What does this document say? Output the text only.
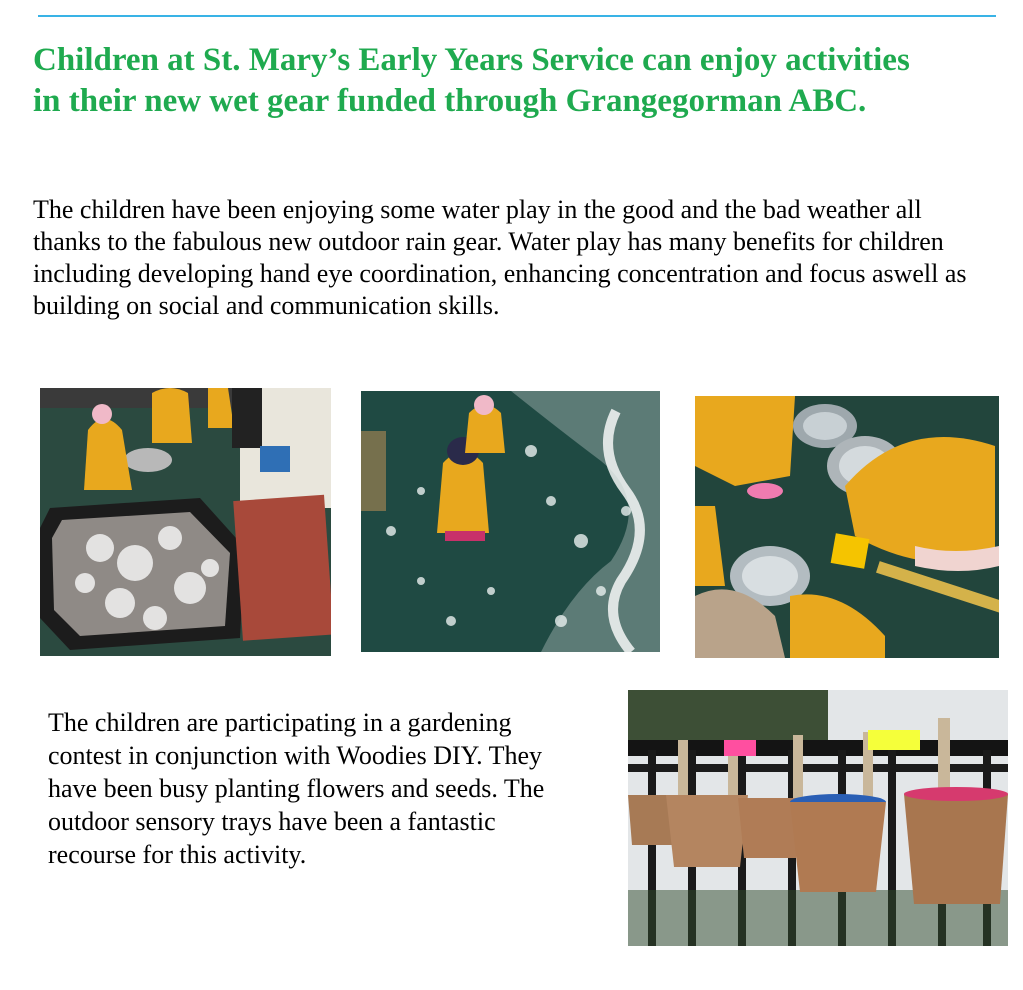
Children at St. Mary’s Early Years Service can enjoy activities in their new wet gear funded through Grangegorman ABC.

The children have been enjoying some water play in the good and the bad weather all thanks to the fabulous new outdoor rain gear. Water play has many benefits for children including developing hand eye coordination, enhancing concentration and focus aswell as building on social and communication skills.

The children are participating in a gardening contest in conjunction with Woodies DIY. They have been busy planting flowers and seeds. The outdoor sensory trays have been a fantastic recourse for this activity.
